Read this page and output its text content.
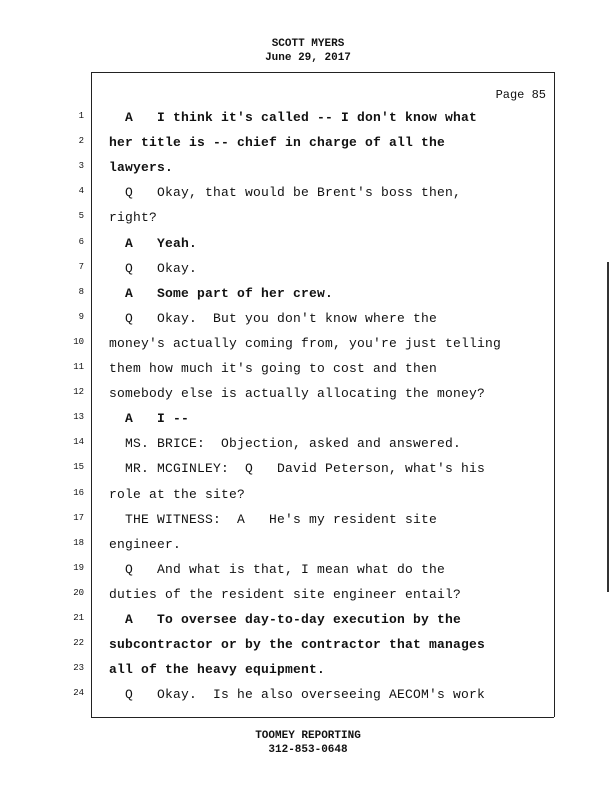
SCOTT MYERS
June 29, 2017
Page 85
1 A   I think it's called -- I don't know what
2 her title is -- chief in charge of all the
3 lawyers.
4 Q   Okay, that would be Brent's boss then,
5 right?
6 A   Yeah.
7 Q   Okay.
8 A   Some part of her crew.
9 Q   Okay.  But you don't know where the
10 money's actually coming from, you're just telling
11 them how much it's going to cost and then
12 somebody else is actually allocating the money?
13 A   I --
14 MS. BRICE:  Objection, asked and answered.
15 MR. MCGINLEY:  Q   David Peterson, what's his
16 role at the site?
17 THE WITNESS:  A   He's my resident site
18 engineer.
19 Q   And what is that, I mean what do the
20 duties of the resident site engineer entail?
21 A   To oversee day-to-day execution by the
22 subcontractor or by the contractor that manages
23 all of the heavy equipment.
24 Q   Okay.  Is he also overseeing AECOM's work
TOOMEY REPORTING
312-853-0648
